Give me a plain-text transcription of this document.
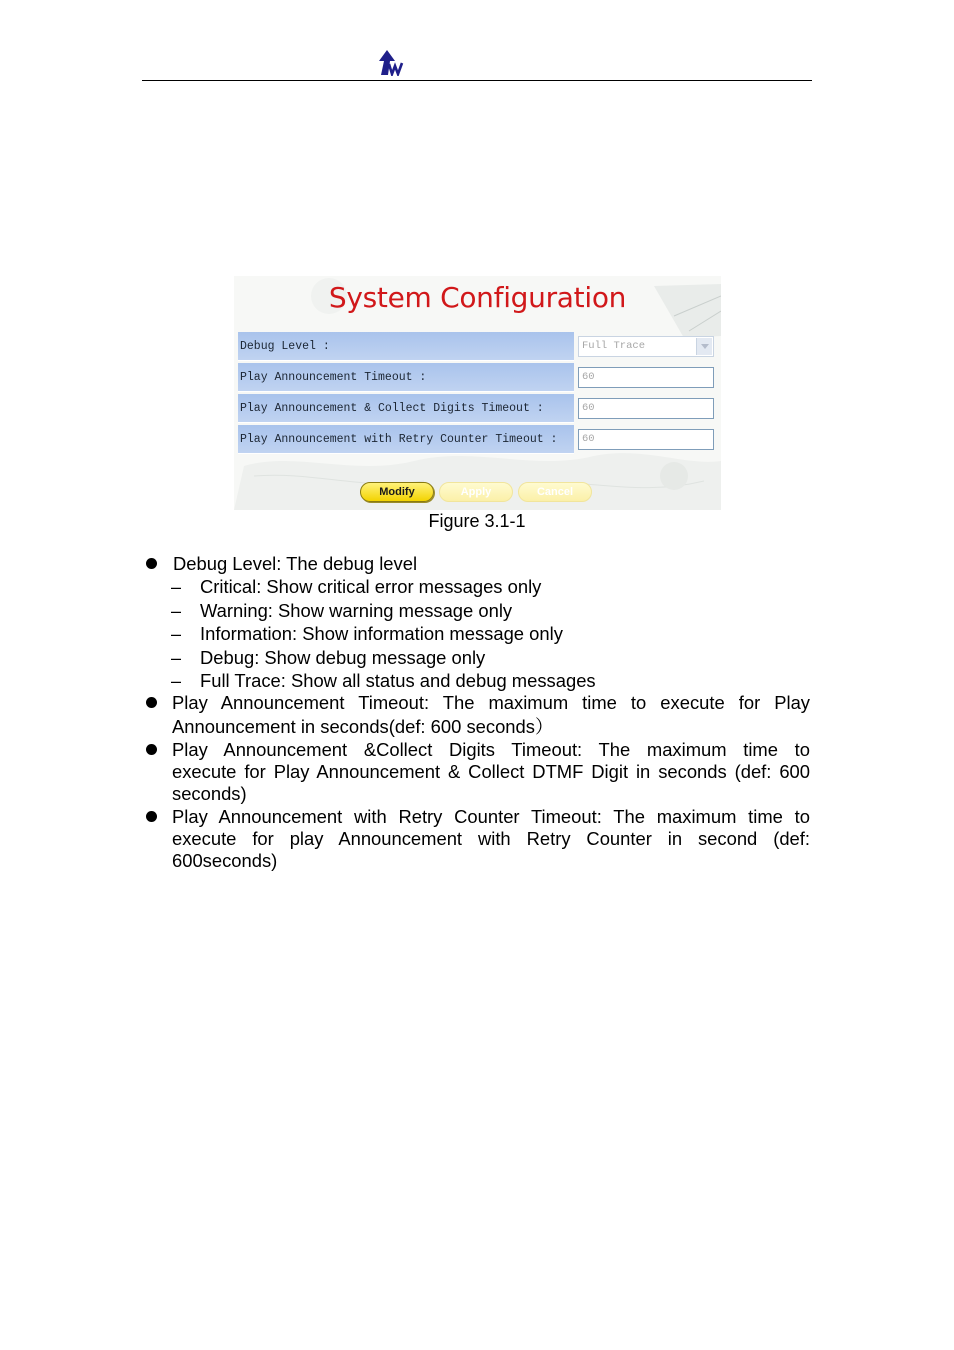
System Configuration
Debug Level :	Full Trace
Play Announcement Timeout :	60
Play Announcement & Collect Digits Timeout :	60
Play Announcement with Retry Counter Timeout :	60
Modify	Apply	Cancel
Figure 3.1-1
Debug Level: The debug level
– Critical: Show critical error messages only
– Warning: Show warning message only
– Information: Show information message only
– Debug: Show debug message only
– Full Trace: Show all status and debug messages
Play Announcement Timeout: The maximum time to execute for Play
Announcement in seconds(def: 600 seconds）
Play Announcement &Collect Digits Timeout: The maximum time to
execute for Play Announcement & Collect DTMF Digit in seconds (def: 600
seconds)
Play Announcement with Retry Counter Timeout: The maximum time to
execute for play Announcement with Retry Counter in second (def:
600seconds)
